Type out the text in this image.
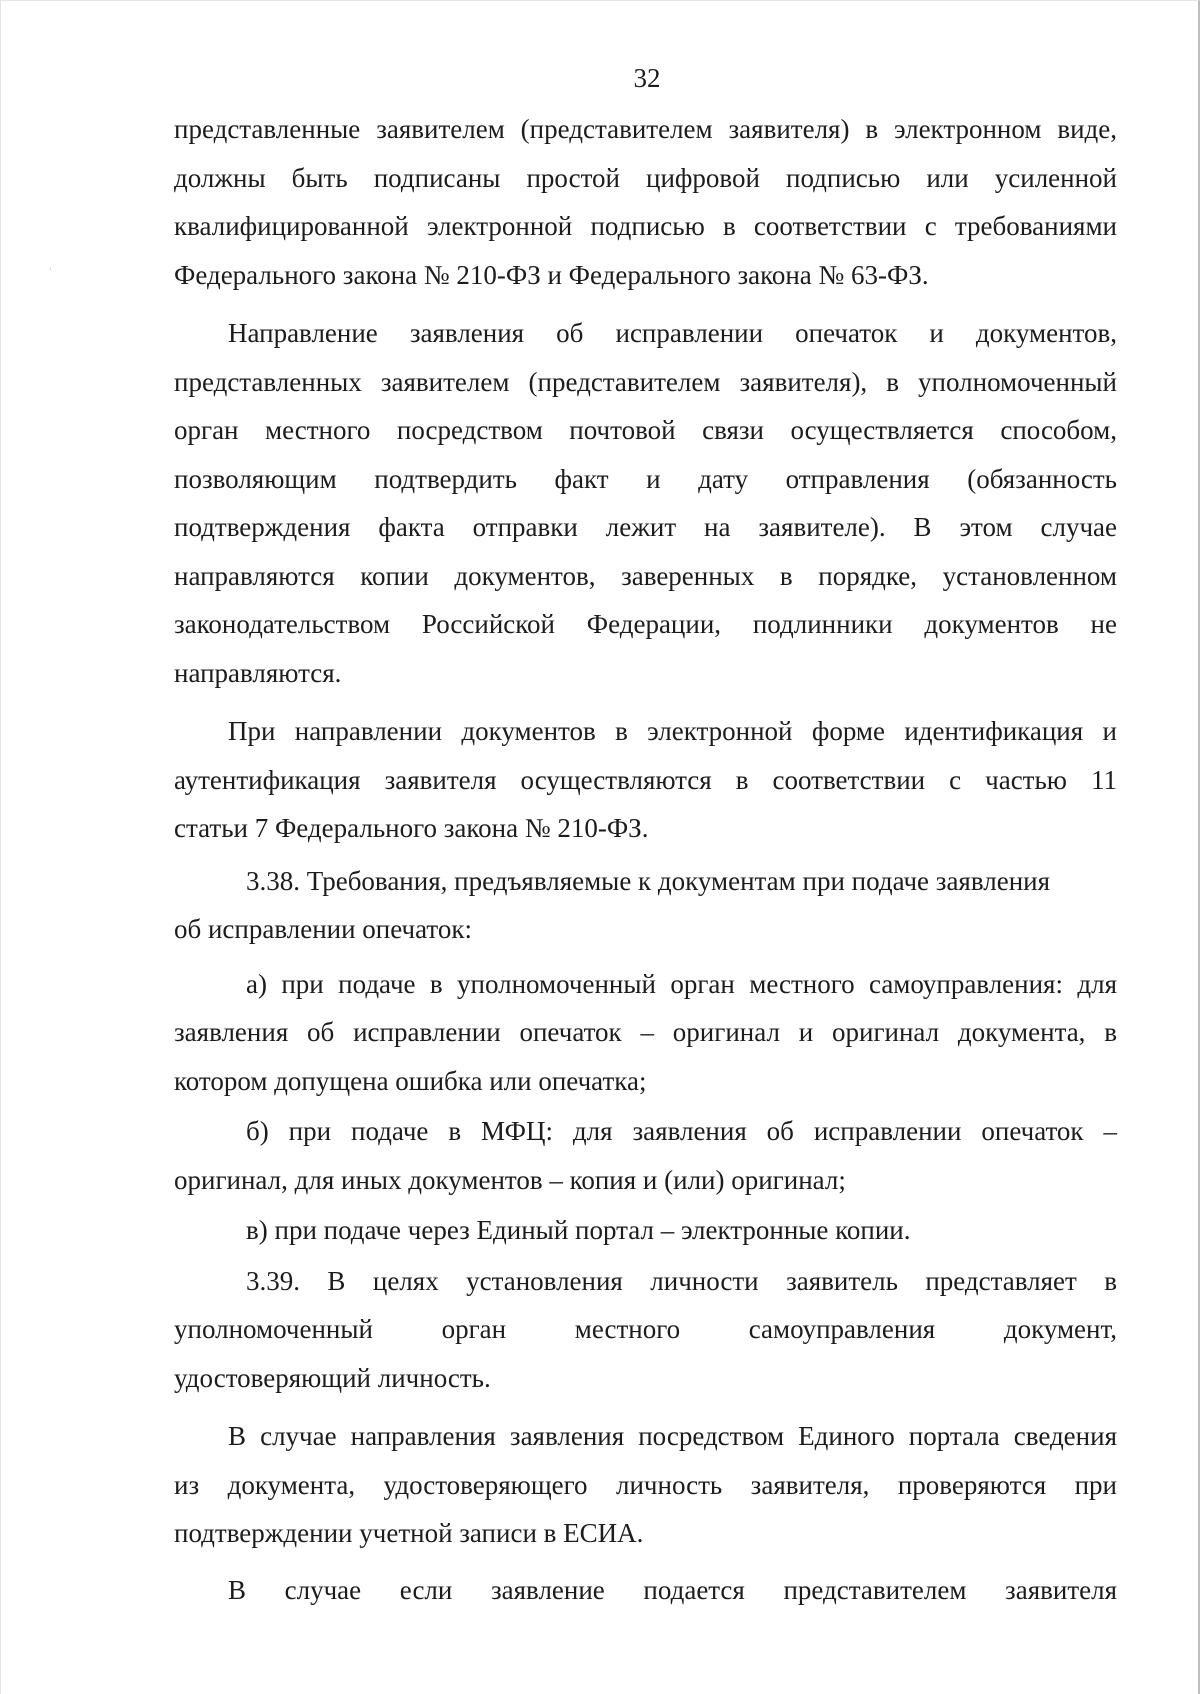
32
представленные заявителем (представителем заявителя) в электронном виде,
должны быть подписаны простой цифровой подписью или усиленной
квалифицированной электронной подписью в соответствии с требованиями
Федерального закона № 210-ФЗ и Федерального закона № 63-ФЗ.
Направление заявления об исправлении опечаток и документов,
представленных заявителем (представителем заявителя), в уполномоченный
орган местного посредством почтовой связи осуществляется способом,
позволяющим подтвердить факт и дату отправления (обязанность
подтверждения факта отправки лежит на заявителе). В этом случае
направляются копии документов, заверенных в порядке, установленном
законодательством Российской Федерации, подлинники документов не
направляются.
При направлении документов в электронной форме идентификация и
аутентификация заявителя осуществляются в соответствии с частью 11
статьи 7 Федерального закона № 210-ФЗ.
3.38. Требования, предъявляемые к документам при подаче заявления
об исправлении опечаток:
а) при подаче в уполномоченный орган местного самоуправления: для
заявления об исправлении опечаток – оригинал и оригинал документа, в
котором допущена ошибка или опечатка;
б) при подаче в МФЦ: для заявления об исправлении опечаток –
оригинал, для иных документов – копия и (или) оригинал;
в) при подаче через Единый портал – электронные копии.
3.39. В целях установления личности заявитель представляет в
уполномоченный орган местного самоуправления документ,
удостоверяющий личность.
В случае направления заявления посредством Единого портала сведения
из документа, удостоверяющего личность заявителя, проверяются при
подтверждении учетной записи в ЕСИА.
В случае если заявление подается представителем заявителя
ˌ
